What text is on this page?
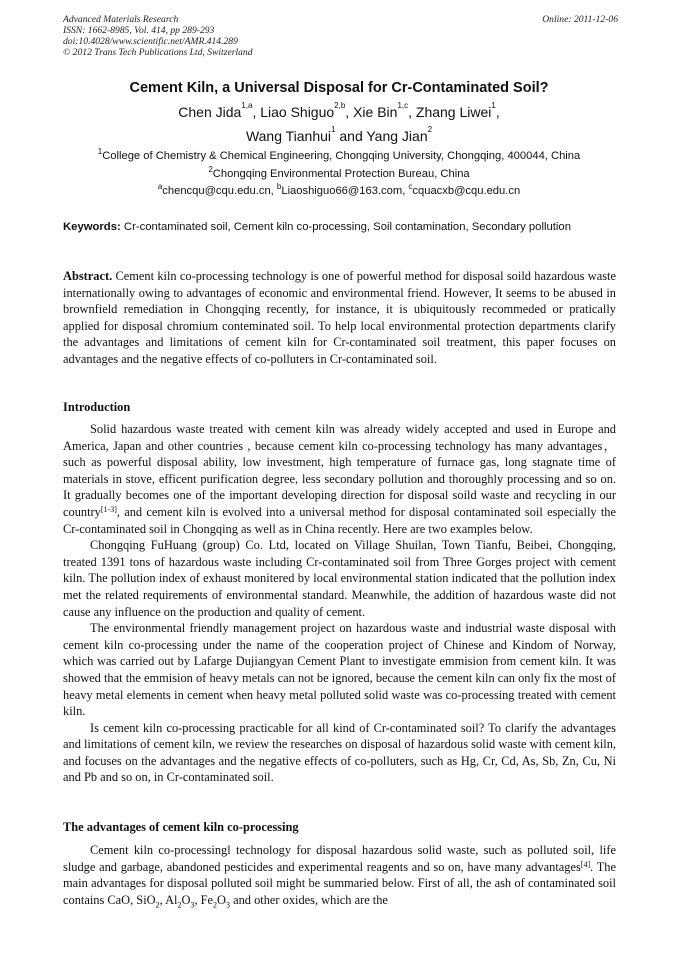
Advanced Materials Research
ISSN: 1662-8985, Vol. 414, pp 289-293
doi:10.4028/www.scientific.net/AMR.414.289
© 2012 Trans Tech Publications Ltd, Switzerland
Online: 2011-12-06
Cement Kiln, a Universal Disposal for Cr-Contaminated Soil?
Chen Jida$^{1,a}$, Liao Shiguo$^{2,b}$, Xie Bin$^{1,c}$, Zhang Liwei$^1$,
Wang Tianhui$^1$ and Yang Jian$^2$
$^1$College of Chemistry & Chemical Engineering, Chongqing University, Chongqing, 400044, China
$^2$Chongqing Environmental Protection Bureau, China
$^a$chencqu@cqu.edu.cn, $^b$Liaoshiguo66@163.com, $^c$cquacxb@cqu.edu.cn
Keywords: Cr-contaminated soil, Cement kiln co-processing, Soil contamination, Secondary pollution

Abstract. Cement kiln co-processing technology is one of powerful method for disposal soild hazardous waste internationally owing to advantages of economic and environmental friend. However, It seems to be abused in brownfield remediation in Chongqing recently, for instance, it is ubiquitously recommeded or pratically applied for disposal chromium conteminated soil. To help local environmental protection departments clarify the advantages and limitations of cement kiln for Cr-contaminated soil treatment, this paper focuses on advantages and the negative effects of co-polluters in Cr-contaminated soil.

Introduction

Solid hazardous waste treated with cement kiln was already widely accepted and used in Europe and America, Japan and other countries , because cement kiln co-processing technology has many advantages，such as powerful disposal ability, low investment, high temperature of furnace gas, long stagnate time of materials in stove, efficent purification degree, less secondary pollution and thoroughly processing and so on. It gradually becomes one of the important developing direction for disposal soild waste and recycling in our country[1-3], and cement kiln is evolved into a universal method for disposal contaminated soil especially the Cr-contaminated soil in Chongqing as well as in China recently. Here are two examples below.

Chongqing FuHuang (group) Co. Ltd, located on Village Shuilan, Town Tianfu, Beibei, Chongqing, treated 1391 tons of hazardous waste including Cr-contaminated soil from Three Gorges project with cement kiln. The pollution index of exhaust monitered by local environmental station indicated that the pollution index met the related requirements of environmental standard. Meanwhile, the addition of hazardous waste did not cause any influence on the production and quality of cement.

The environmental friendly management project on hazardous waste and industrial waste disposal with cement kiln co-processing under the name of the cooperation project of Chinese and Kindom of Norway, which was carried out by Lafarge Dujiangyan Cement Plant to investigate emmision from cement kiln. It was showed that the emmision of heavy metals can not be ignored, because the cement kiln can only fix the most of heavy metal elements in cement when heavy metal polluted solid waste was co-processing treated with cement kiln.

Is cement kiln co-processing practicable for all kind of Cr-contaminated soil? To clarify the advantages and limitations of cement kiln, we review the researches on disposal of hazardous solid waste with cement kiln, and focuses on the advantages and the negative effects of co-polluters, such as Hg, Cr, Cd, As, Sb, Zn, Cu, Ni and Pb and so on, in Cr-contaminated soil.

The advantages of cement kiln co-processing

Cement kiln co-processingl technology for disposal hazardous solid waste, such as polluted soil, life sludge and garbage, abandoned pesticides and experimental reagents and so on, have many advantages[4]. The main advantages for disposal polluted soil might be summaried below. First of all, the ash of contaminated soil contains CaO, SiO$_2$, $Al_2O_3$, $Fe_2O_3$ and other oxides, which are the
